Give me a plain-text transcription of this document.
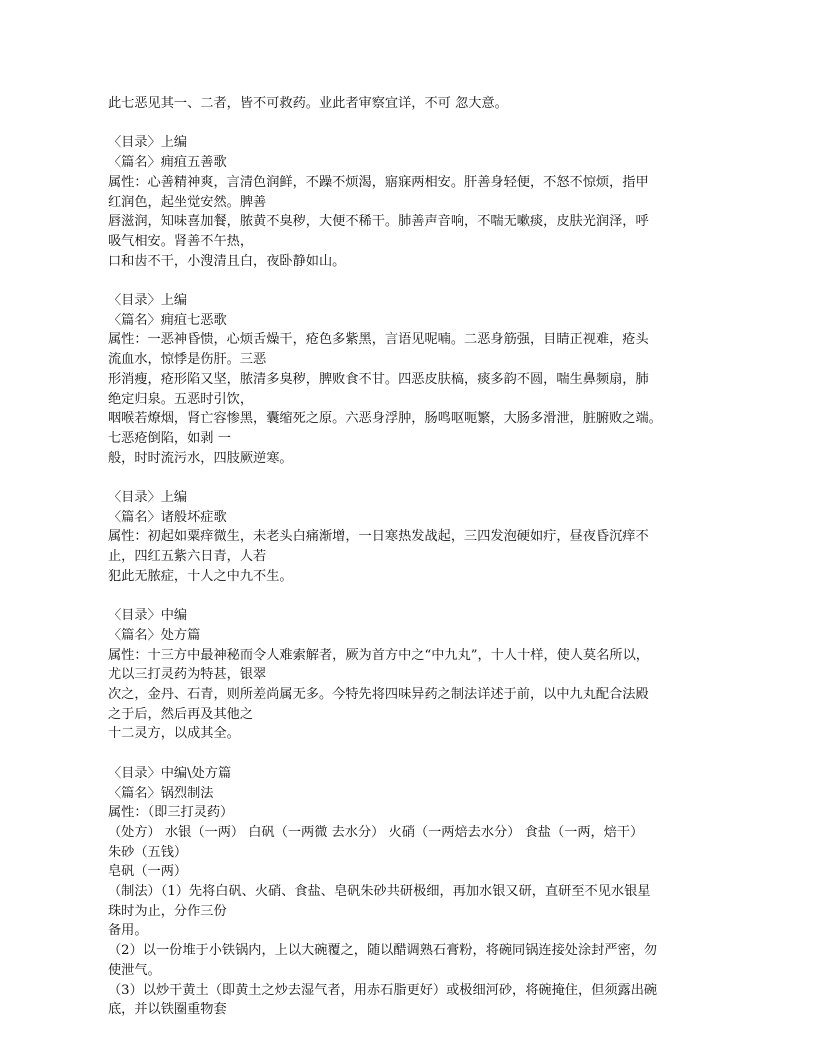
此七恶见其一、二者，皆不可救药。业此者审察宜详，不可 忽大意。
〈目录〉上编
〈篇名〉痈疽五善歌
属性：心善精神爽，言清色润鲜，不躁不烦渴，寤寐两相安。肝善身轻便，不怒不惊烦，指甲
红润色，起坐觉安然。脾善
唇滋润，知味喜加餐，脓黄不臭秽，大便不稀干。肺善声音响，不喘无嗽痰，皮肤光润泽，呼
吸气相安。肾善不午热，
口和齿不干，小溲清且白，夜卧静如山。
〈目录〉上编
〈篇名〉痈疽七恶歌
属性：一恶神昏愦，心烦舌燥干，疮色多紫黑，言语见呢喃。二恶身筋强，目睛正视难，疮头
流血水，惊悸是伤肝。三恶
形消瘦，疮形陷又坚，脓清多臭秽，脾败食不甘。四恶皮肤槁，痰多韵不圆，喘生鼻频扇，肺
绝定归泉。五恶时引饮，
咽喉若燎烟，肾亡容惨黑，囊缩死之原。六恶身浮肿，肠鸣呕呃繁，大肠多滑泄，脏腑败之端。
七恶疮倒陷，如剥 一
般，时时流污水，四肢厥逆寒。
〈目录〉上编
〈篇名〉诸般坏症歌
属性：初起如粟痒微生，未老头白痛渐增，一日寒热发战起，三四发泡硬如疔，昼夜昏沉痒不
止，四红五紫六日青，人若
犯此无脓症，十人之中九不生。
〈目录〉中编
〈篇名〉处方篇
属性：十三方中最神秘而令人难索解者，厥为首方中之“中九丸”，十人十样，使人莫名所以，
尤以三打灵药为特甚，银翠
次之，金丹、石青，则所差尚属无多。今特先将四味异药之制法详述于前，以中九丸配合法殿
之于后，然后再及其他之
十二灵方，以成其全。
〈目录〉中编\处方篇
〈篇名〉锅烈制法
属性：（即三打灵药）
（处方） 水银（一两） 白矾（一两微 去水分） 火硝（一两焙去水分） 食盐（一两，焙干）
朱砂（五钱）
皂矾（一两）
（制法）（1）先将白矾、火硝、食盐、皂矾朱砂共研极细，再加水银又研，直研至不见水银星
珠时为止，分作三份
备用。
（2）以一份堆于小铁锅内，上以大碗覆之，随以醋调熟石膏粉，将碗同锅连接处涂封严密，勿
使泄气。
（3）以炒干黄土（即黄土之炒去湿气者，用赤石脂更好）或极细河砂，将碗掩住，但须露出碗
底，并以铁圈重物套
